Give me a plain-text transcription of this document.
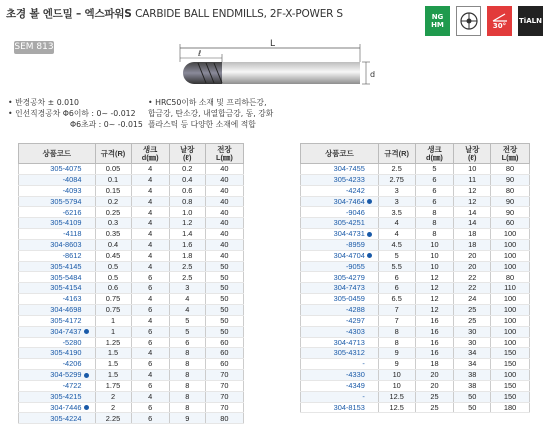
초경 볼 엔드밀 – 엑스파워S CARBIDE BALL ENDMILLS, 2F-X-POWER S
SEM 813
NG HM	30°
TiALN
L
ℓ
d
• 반경공차 ± 0.010
• 인선직경공차 Φ6이하 : 0~ -0.012
Φ6초과 : 0~ -0.015
• HRC50이하 소재 및 프리하든강,
합금강, 탄소강, 내열합금강, 동, 강화
플라스틱 등 다양한 소재에 적합
상품코드	규격(R)	생크
d(㎜)	날장
(ℓ)	전장
L(㎜)
305-4075	0.05	4	0.2	40
-4084	0.1	4	0.4	40
-4093	0.15	4	0.6	40
305-5794	0.2	4	0.8	40
-6216	0.25	4	1.0	40
305-4109	0.3	4	1.2	40
-4118	0.35	4	1.4	40
304-8603	0.4	4	1.6	40
-8612	0.45	4	1.8	40
305-4145	0.5	4	2.5	50
305-5484	0.5	6	2.5	50
305-4154	0.6	6	3	50
-4163	0.75	4	4	50
304-4698	0.75	6	4	50
305-4172	1	4	5	50
304-7437	1	6	5	50
-5280	1.25	6	6	60
305-4190	1.5	4	8	60
-4206	1.5	6	8	60
304-5299	1.5	4	8	70
-4722	1.75	6	8	70
305-4215	2	4	8	70
304-7446	2	6	8	70
305-4224	2.25	6	9	80
상품코드	규격(R)	생크
d(㎜)	날장
(ℓ)	전장
L(㎜)
304-7455	2.5	5	10	80
305-4233	2.75	6	11	90
-4242	3	6	12	80
304-7464	3	6	12	90
-9046	3.5	8	14	90
305-4251	4	8	14	60
304-4731	4	8	18	100
-8959	4.5	10	18	100
304-4704	5	10	20	100
-9055	5.5	10	20	100
305-4279	6	12	22	80
304-7473	6	12	22	110
305-0459	6.5	12	24	100
-4288	7	12	25	100
-4297	7	16	25	100
-4303	8	16	30	100
304-4713	8	16	30	100
305-4312	9	16	34	150
-	9	18	34	150
-4330	10	20	38	100
-4349	10	20	38	150
-	12.5	25	50	150
304-8153	12.5	25	50	180
